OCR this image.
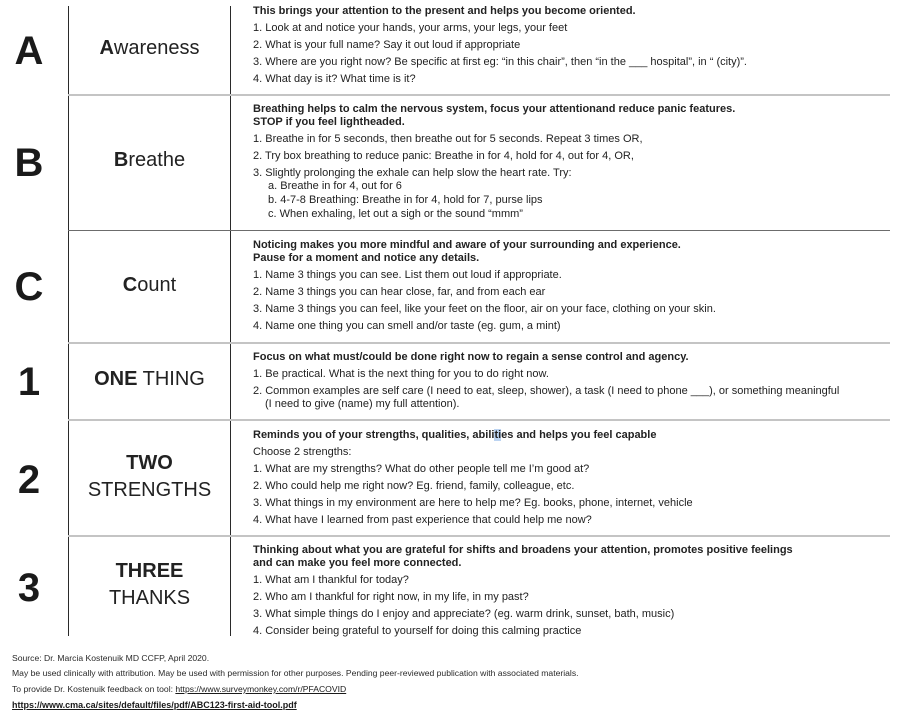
A	Awareness
This brings your attention to the present and helps you become oriented.
1. Look at and notice your hands, your arms, your legs, your feet
2. What is your full name? Say it out loud if appropriate
3. Where are you right now? Be specific at first eg: “in this chair”, then “in the ___ hospital”, in “ (city)”.
4. What day is it? What time is it?
B	Breathe
Breathing helps to calm the nervous system, focus your attentionand reduce panic features.
STOP if you feel lightheaded.
1. Breathe in for 5 seconds, then breathe out for 5 seconds. Repeat 3 times OR,
2. Try box breathing to reduce panic: Breathe in for 4, hold for 4, out for 4, OR,
3. Slightly prolonging the exhale can help slow the heart rate. Try:
a. Breathe in for 4, out for 6
b. 4-7-8 Breathing: Breathe in for 4, hold for 7, purse lips
c. When exhaling, let out a sigh or the sound “mmm”
C	Count
Noticing makes you more mindful and aware of your surrounding and experience.
Pause for a moment and notice any details.
1. Name 3 things you can see. List them out loud if appropriate.
2. Name 3 things you can hear close, far, and from each ear
3. Name 3 things you can feel, like your feet on the floor, air on your face, clothing on your skin.
4. Name one thing you can smell and/or taste (eg. gum, a mint)
1	ONE THING
Focus on what must/could be done right now to regain a sense control and agency.
1. Be practical. What is the next thing for you to do right now.
2. Common examples are self care (I need to eat, sleep, shower), a task (I need to phone ___), or something meaningful
(I need to give (name) my full attention).
2	TWO
STRENGTHS
Reminds you of your strengths, qualities, abilities and helps you feel capable
Choose 2 strengths:
1. What are my strengths? What do other people tell me I’m good at?
2. Who could help me right now? Eg. friend, family, colleague, etc.
3. What things in my environment are here to help me? Eg. books, phone, internet, vehicle
4. What have I learned from past experience that could help me now?
3	THREE
THANKS
Thinking about what you are grateful for shifts and broadens your attention, promotes positive feelings
and can make you feel more connected.
1. What am I thankful for today?
2. Who am I thankful for right now, in my life, in my past?
3. What simple things do I enjoy and appreciate? (eg. warm drink, sunset, bath, music)
4. Consider being grateful to yourself for doing this calming practice
Source: Dr. Marcia Kostenuik MD CCFP, April 2020.
May be used clinically with attribution. May be used with permission for other purposes. Pending peer-reviewed publication with associated materials.
To provide Dr. Kostenuik feedback on tool: https://www.surveymonkey.com/r/PFACOVID
https://www.cma.ca/sites/default/files/pdf/ABC123-first-aid-tool.pdf
